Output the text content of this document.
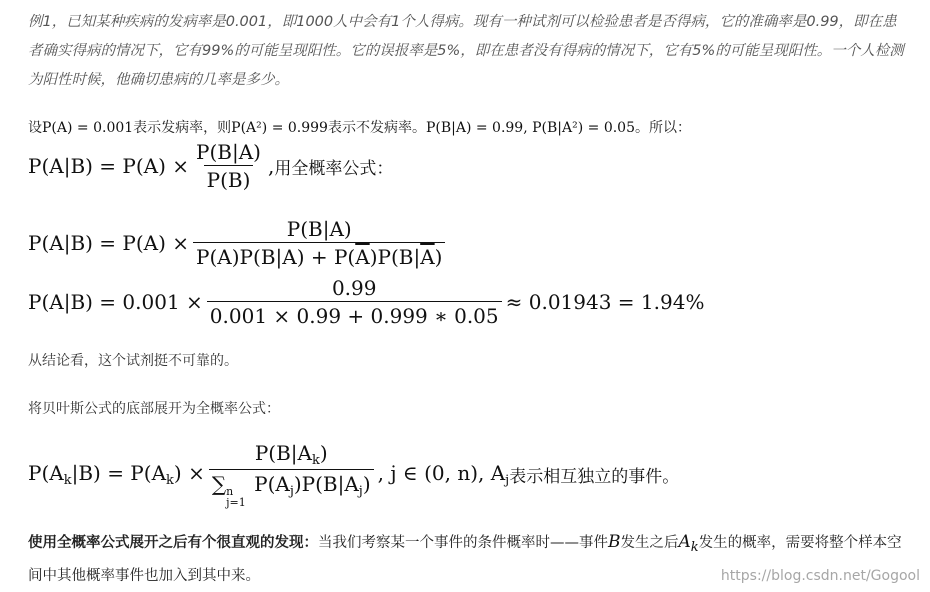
例1，已知某种疾病的发病率是0.001，即1000人中会有1个人得病。现有一种试剂可以检验患者是否得病，它的准确率是0.99，即在患者确实得病的情况下，它有99%的可能呈现阳性。它的误报率是5%，即在患者没有得病的情况下，它有5%的可能呈现阳性。一个人检测为阳性时候，他确切患病的几率是多少。
设P(A) = 0.001表示发病率，则P(A²) = 0.999表示不发病率。P(B|A) = 0.99, P(B|A²) = 0.05。所以：
$P(A|B) = P(A) \times \frac{P(B|A)}{P(B)}$ , 用全概率公式：
$P(A|B) = P(A) \times \frac{P(B|A)}{P(A)P(B|A) + P(\overline{A})P(B|\overline{A})}$
$P(A|B) = 0.001 \times \frac{0.99}{0.001 \times 0.99 + 0.999 ∗ 0.05} \approx 0.01943 = 1.94\%$
从结论看，这个试剂挺不可靠的。
将贝叶斯公式的底部展开为全概率公式：
$P(A_k|B) = P(A_k) \times P(B|A_k)$
∑ n
j=1
$P(A_j)P(B|A_j)$ , j ∈ (0, n), $A_j$ 表示相互独立的事件。
使用全概率公式展开之后有个很直观的发现：当我们考察某一个事件的条件概率时——事件B发生之后Ak发生的概率，需要将整个样本空间中其他概率事件也加入到其中来。	https://blog.csdn.net/Gogool
